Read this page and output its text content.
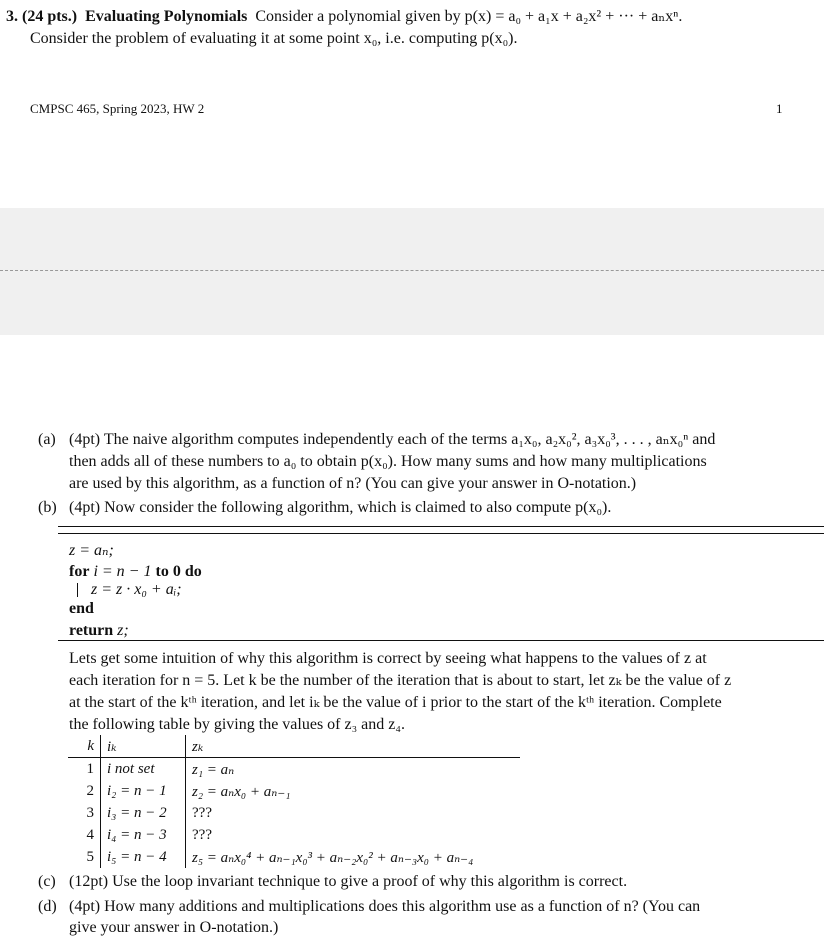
3. (24 pts.) Evaluating Polynomials Consider a polynomial given by p(x) = a₀ + a₁x + a₂x² + ··· + aₙxⁿ.
Consider the problem of evaluating it at some point x₀, i.e. computing p(x₀).
CMPSC 465, Spring 2023, HW 2	1
(a) (4pt) The naive algorithm computes independently each of the terms a₁x₀, a₂x₀², a₃x₀³, . . . , aₙx₀ⁿ and
then adds all of these numbers to a₀ to obtain p(x₀). How many sums and how many multiplications
are used by this algorithm, as a function of n? (You can give your answer in O-notation.)
(b) (4pt) Now consider the following algorithm, which is claimed to also compute p(x₀).
z = aₙ;
for i = n − 1 to 0 do
z = z · x₀ + aᵢ;
end
return z;
Lets get some intuition of why this algorithm is correct by seeing what happens to the values of z at
each iteration for n = 5. Let k be the number of the iteration that is about to start, let zₖ be the value of z
at the start of the kᵗʰ iteration, and let iₖ be the value of i prior to the start of the kᵗʰ iteration. Complete
the following table by giving the values of z₃ and z₄.
k	iₖ	zₖ
1	i not set	z₁ = aₙ
2	i₂ = n − 1	z₂ = aₙx₀ + aₙ₋₁
3	i₃ = n − 2	???
4	i₄ = n − 3	???
5	i₅ = n − 4	z₅ = aₙx₀⁴ + aₙ₋₁x₀³ + aₙ₋₂x₀² + aₙ₋₃x₀ + aₙ₋₄
(c) (12pt) Use the loop invariant technique to give a proof of why this algorithm is correct.
(d) (4pt) How many additions and multiplications does this algorithm use as a function of n? (You can
give your answer in O-notation.)
